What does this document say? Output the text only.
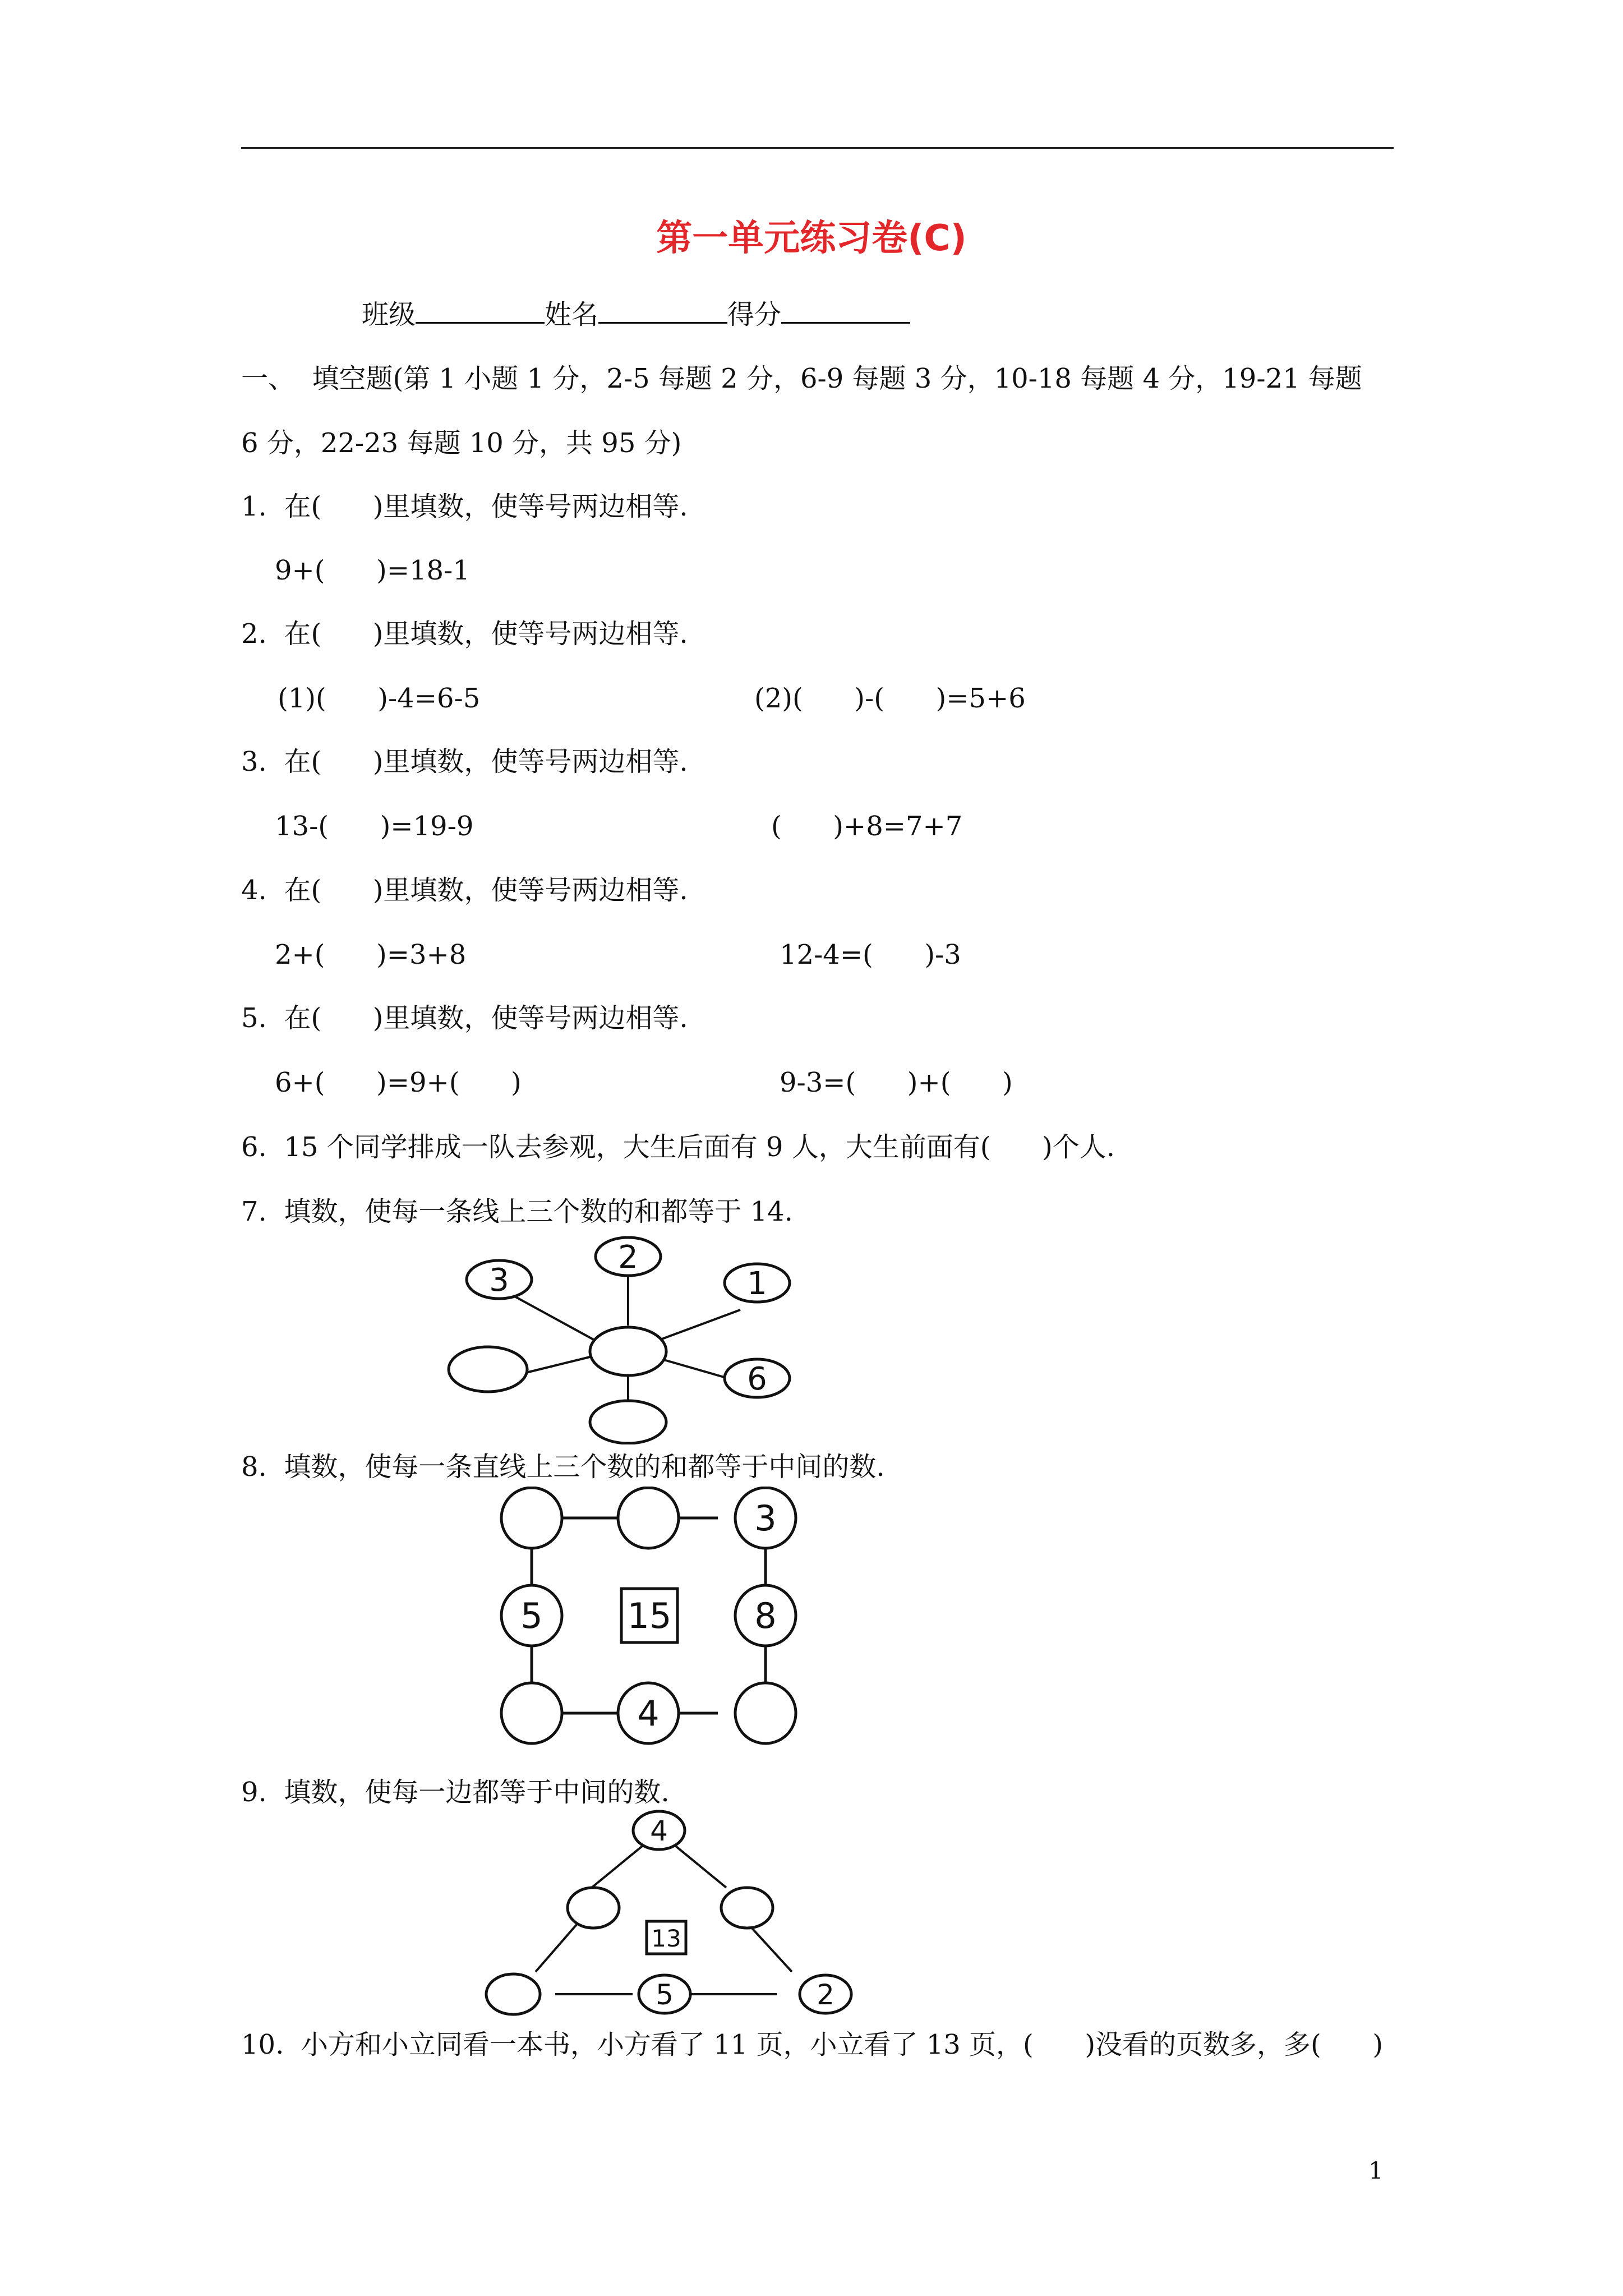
第一单元练习卷(C)
班级	姓名	得分
一、  填空题(第 1 小题 1 分，2-5 每题 2 分，6-9 每题 3 分，10-18 每题 4 分，19-21 每题
6 分，22-23 每题 10 分，共 95 分)
1.  在(      )里填数，使等号两边相等.
9+(      )=18-1
2.  在(      )里填数，使等号两边相等.
(1)(      )-4=6-5	(2)(      )-(      )=5+6
3.  在(      )里填数，使等号两边相等.
13-(      )=19-9	(      )+8=7+7
4.  在(      )里填数，使等号两边相等.
2+(      )=3+8	12-4=(      )-3
5.  在(      )里填数，使等号两边相等.
6+(      )=9+(      )	9-3=(      )+(      )
6.  15 个同学排成一队去参观，大生后面有 9 人，大生前面有(      )个人.
7.  填数，使每一条线上三个数的和都等于 14.
3
2
1
6
8.  填数，使每一条直线上三个数的和都等于中间的数.
3
5 15 8
4
9.  填数，使每一边都等于中间的数.
4
13
5	2
10.  小方和小立同看一本书，小方看了 11 页，小立看了 13 页，(      )没看的页数多，多(      )
1
